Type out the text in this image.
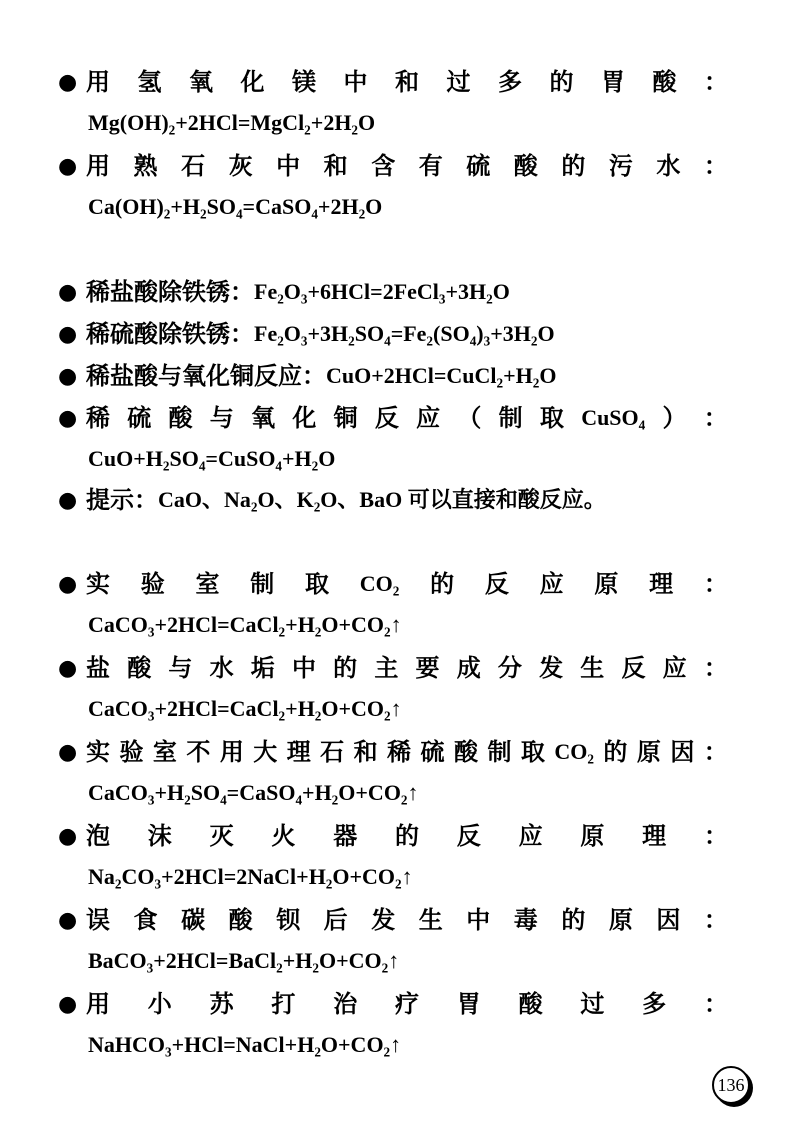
● 用 氢 氧 化 镁 中 和 过 多 的 胃 酸 ：
Mg(OH)₂+2HCl=MgCl₂+2H₂O
● 用 熟 石 灰 中 和 含 有 硫 酸 的 污 水 ：
Ca(OH)₂+H₂SO₄=CaSO₄+2H₂O
● 稀盐酸除铁锈：Fe₂O₃+6HCl=2FeCl₃+3H₂O
● 稀硫酸除铁锈：Fe₂O₃+3H₂SO₄=Fe₂(SO₄)₃+3H₂O
● 稀盐酸与氧化铜反应：CuO+2HCl=CuCl₂+H₂O
● 稀 硫 酸 与 氧 化 铜 反 应 （ 制 取 CuSO₄ ） ：
CuO+H₂SO₄=CuSO₄+H₂O
● 提示：CaO、Na₂O、K₂O、BaO 可以直接和酸反应。
● 实 验 室 制 取 CO₂ 的 反 应 原 理 ：
CaCO₃+2HCl=CaCl₂+H₂O+CO₂↑
● 盐 酸 与 水 垢 中 的 主 要 成 分 发 生 反 应 ：
CaCO₃+2HCl=CaCl₂+H₂O+CO₂↑
● 实 验 室 不 用 大 理 石 和 稀 硫 酸 制 取 CO₂ 的 原 因 ：
CaCO₃+H₂SO₄=CaSO₄+H₂O+CO₂↑
● 泡 沫 灭 火 器 的 反 应 原 理 ：
Na₂CO₃+2HCl=2NaCl+H₂O+CO₂↑
● 误 食 碳 酸 钡 后 发 生 中 毒 的 原 因 ：
BaCO₃+2HCl=BaCl₂+H₂O+CO₂↑
● 用 小 苏 打 治 疗 胃 酸 过 多 ：
NaHCO₃+HCl=NaCl+H₂O+CO₂↑
136
